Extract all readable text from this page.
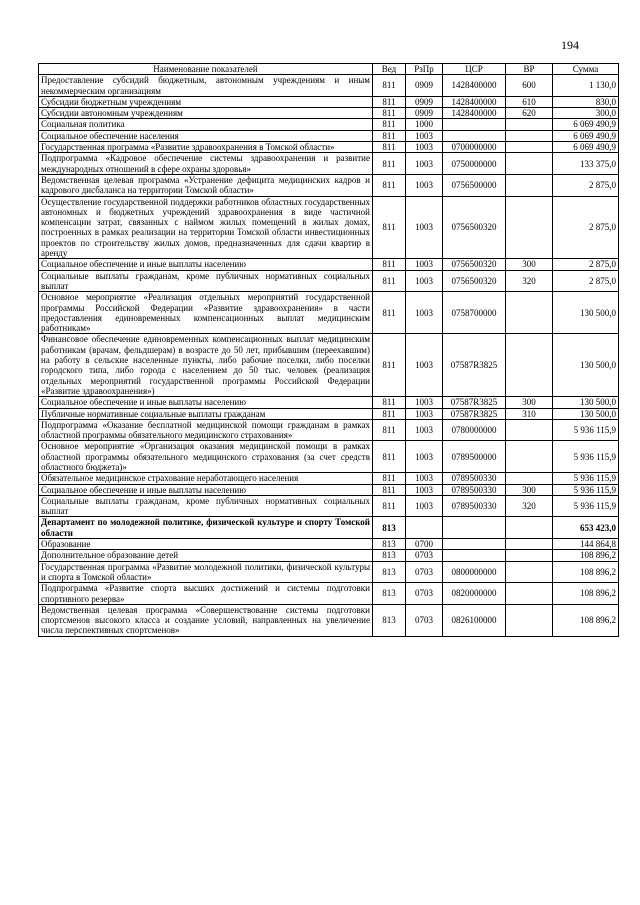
194
Наименование показателей	Вед	РзПр	ЦСР	ВР	Сумма
Предоставление субсидий бюджетным, автономным учреждениям и иным некоммерческим организациям	811	0909	1428400000	600	1 130,0
Субсидии бюджетным учреждениям	811	0909	1428400000	610	830,0
Субсидии автономным учреждениям	811	0909	1428400000	620	300,0
Социальная политика	811	1000			6 069 490,9
Социальное обеспечение населения	811	1003			6 069 490,9
Государственная программа «Развитие здравоохранения в Томской области»	811	1003	0700000000		6 069 490,9
Подпрограмма «Кадровое обеспечение системы здравоохранения и развитие международных отношений в сфере охраны здоровья»	811	1003	0750000000		133 375,0
Ведомственная целевая программа «Устранение дефицита медицинских кадров и кадрового дисбаланса на территории Томской области»	811	1003	0756500000		2 875,0
Осуществление государственной поддержки работников областных государственных автономных и бюджетных учреждений здравоохранения в виде частичной компенсации затрат, связанных с наймом жилых помещений в жилых домах, построенных в рамках реализации на территории Томской области инвестиционных проектов по строительству жилых домов, предназначенных для сдачи квартир в аренду	811	1003	0756500320		2 875,0
Социальное обеспечение и иные выплаты населению	811	1003	0756500320	300	2 875,0
Социальные выплаты гражданам, кроме публичных нормативных социальных выплат	811	1003	0756500320	320	2 875,0
Основное мероприятие «Реализация отдельных мероприятий государственной программы Российской Федерации «Развитие здравоохранения» в части предоставления единовременных компенсационных выплат медицинским работникам»	811	1003	0758700000		130 500,0
Финансовое обеспечение единовременных компенсационных выплат медицинским работникам (врачам, фельдшерам) в возрасте до 50 лет, прибывшим (переехавшим) на работу в сельские населенные пункты, либо рабочие поселки, либо поселки городского типа, либо города с населением до 50 тыс. человек (реализация отдельных мероприятий государственной программы Российской Федерации «Развитие здравоохранения»)	811	1003	07587R3825		130 500,0
Социальное обеспечение и иные выплаты населению	811	1003	07587R3825	300	130 500,0
Публичные нормативные социальные выплаты гражданам	811	1003	07587R3825	310	130 500,0
Подпрограмма «Оказание бесплатной медицинской помощи гражданам в рамках областной программы обязательного медицинского страхования»	811	1003	0780000000		5 936 115,9
Основное мероприятие «Организация оказания медицинской помощи в рамках областной программы обязательного медицинского страхования (за счет средств областного бюджета)»	811	1003	0789500000		5 936 115,9
Обязательное медицинское страхование неработающего населения	811	1003	0789500330		5 936 115,9
Социальное обеспечение и иные выплаты населению	811	1003	0789500330	300	5 936 115,9
Социальные выплаты гражданам, кроме публичных нормативных социальных выплат	811	1003	0789500330	320	5 936 115,9
Департамент по молодежной политике, физической культуре и спорту Томской области	813				653 423,0
Образование	813	0700			144 864,8
Дополнительное образование детей	813	0703			108 896,2
Государственная программа «Развитие молодежной политики, физической культуры и спорта в Томской области»	813	0703	0800000000		108 896,2
Подпрограмма «Развитие спорта высших достижений и системы подготовки спортивного резерва»	813	0703	0820000000		108 896,2
Ведомственная целевая программа «Совершенствование системы подготовки спортсменов высокого класса и создание условий, направленных на увеличение числа перспективных спортсменов»	813	0703	0826100000		108 896,2
